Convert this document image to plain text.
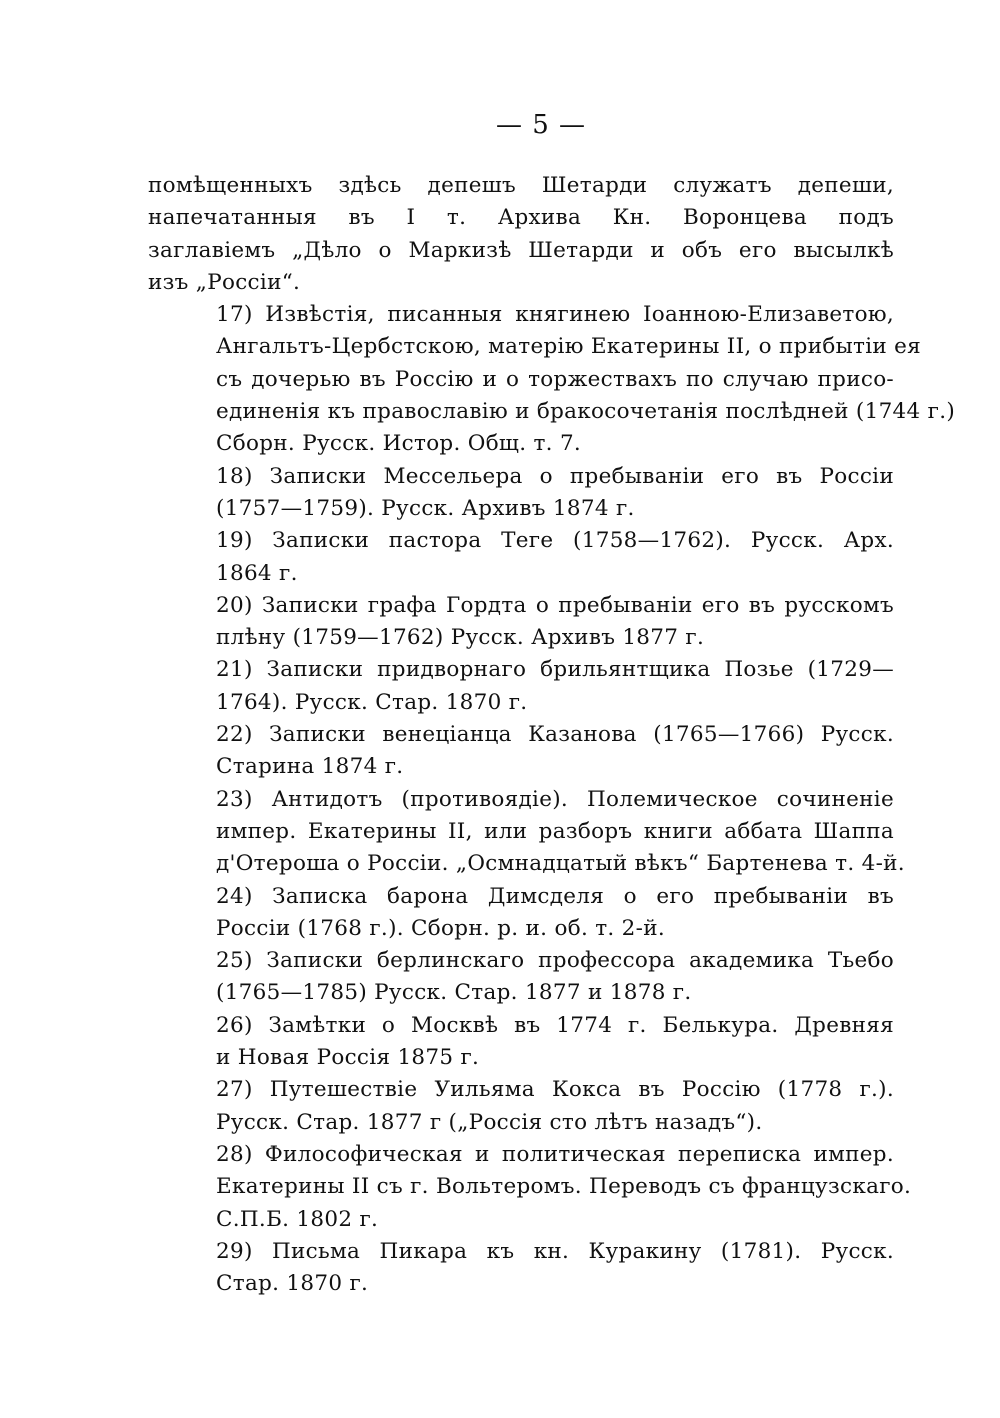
— 5 —
помѣщенныхъ здѣсь депешъ Шетарди служатъ депеши,
напечатанныя въ I т. Архива Кн. Воронцева подъ
заглавіемъ „Дѣло о Маркизѣ Шетарди и объ его высылкѣ
изъ „Россіи“.
17) Извѣстія, писанныя княгинею Іоанною-Елизаветою,
Ангальтъ-Цербстскою, матерію Екатерины II, о прибытіи ея
съ дочерью въ Россію и о торжествахъ по случаю присо-
единенія къ православію и бракосочетанія послѣдней (1744 г.)
Сборн. Русск. Истор. Общ. т. 7.
18) Записки Мессельера о пребываніи его въ Россіи
(1757—1759). Русск. Архивъ 1874 г.
19) Записки пастора Теге (1758—1762). Русск. Арх.
1864 г.
20) Записки графа Гордта о пребываніи его въ русскомъ
плѣну (1759—1762) Русск. Архивъ 1877 г.
21) Записки придворнаго брильянтщика Позье (1729—
1764). Русск. Стар. 1870 г.
22) Записки венеціанца Казанова (1765—1766) Русск.
Старина 1874 г.
23) Антидотъ (противоядіе). Полемическое сочиненіе
импер. Екатерины II, или разборъ книги аббата Шаппа
д'Отероша о Россіи. „Осмнадцатый вѣкъ“ Бартенева т. 4-й.
24) Записка барона Димсделя о его пребываніи въ
Россіи (1768 г.). Сборн. р. и. об. т. 2-й.
25) Записки берлинскаго профессора академика Тьебо
(1765—1785) Русск. Стар. 1877 и 1878 г.
26) Замѣтки о Москвѣ въ 1774 г. Белькура. Древняя
и Новая Россія 1875 г.
27) Путешествіе Уильяма Кокса въ Россію (1778 г.).
Русск. Стар. 1877 г („Россія сто лѣтъ назадъ“).
28) Философическая и политическая переписка импер.
Екатерины II съ г. Вольтеромъ. Переводъ съ французскаго.
С.П.Б. 1802 г.
29) Письма Пикара къ кн. Куракину (1781). Русск.
Стар. 1870 г.
